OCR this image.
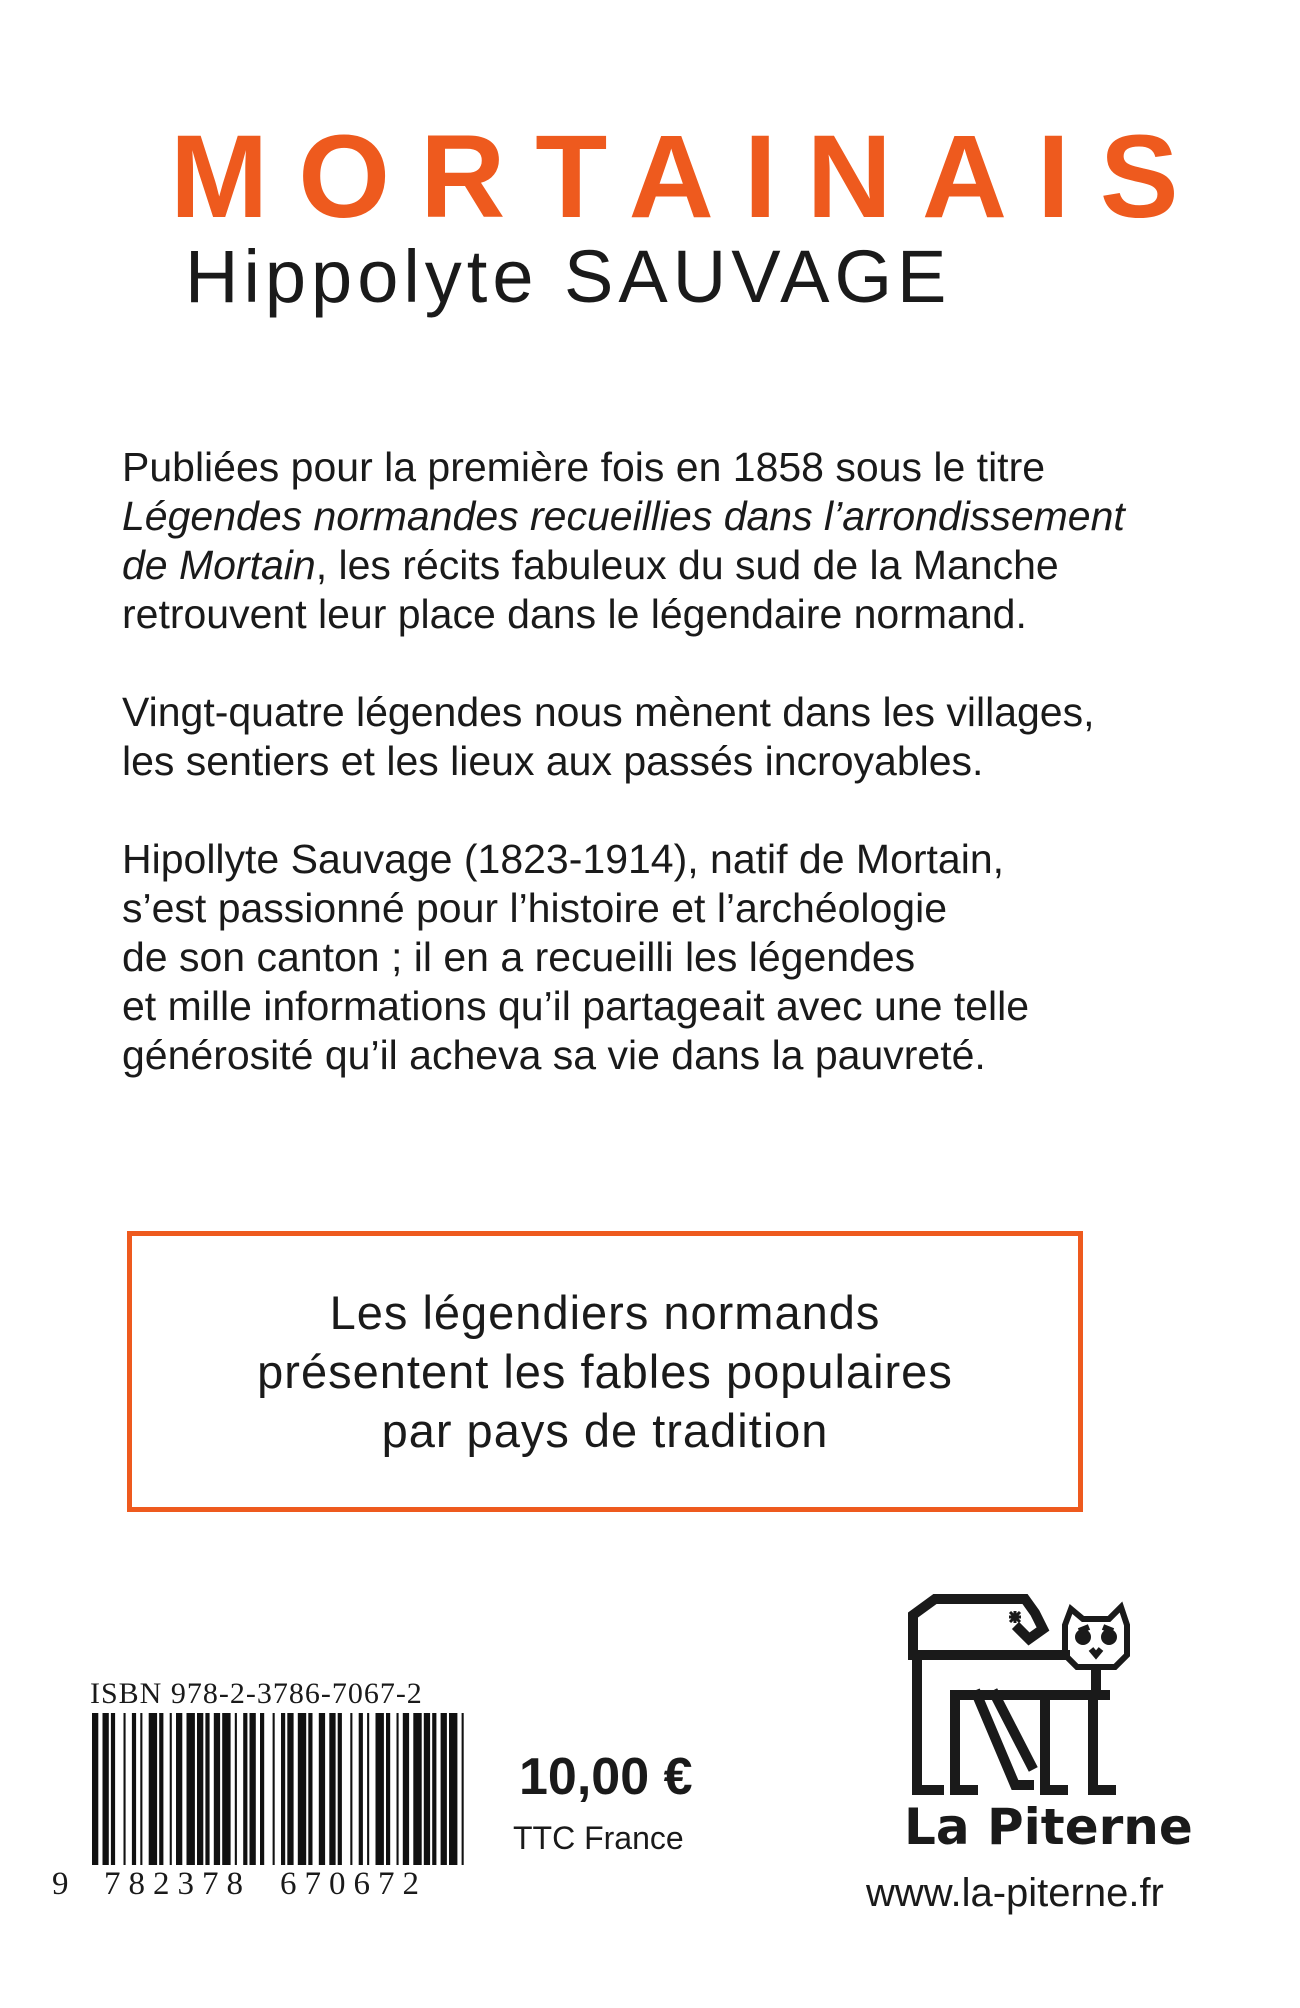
MORTAINAIS
Hippolyte SAUVAGE

Publiées pour la première fois en 1858 sous le titre
Légendes normandes recueillies dans l’arrondissement
de Mortain, les récits fabuleux du sud de la Manche
retrouvent leur place dans le légendaire normand.

Vingt-quatre légendes nous mènent dans les villages,
les sentiers et les lieux aux passés incroyables.

Hipollyte Sauvage (1823-1914), natif de Mortain,
s’est passionné pour l’histoire et l’archéologie
de son canton ; il en a recueilli les légendes
et mille informations qu’il partageait avec une telle
générosité qu’il acheva sa vie dans la pauvreté.

Les légendiers normands
présentent les fables populaires
par pays de tradition
ISBN 978-2-3786-7067-2
9 782378 670672
10,00 €
TTC France	La Piterne
www.la-piterne.fr
